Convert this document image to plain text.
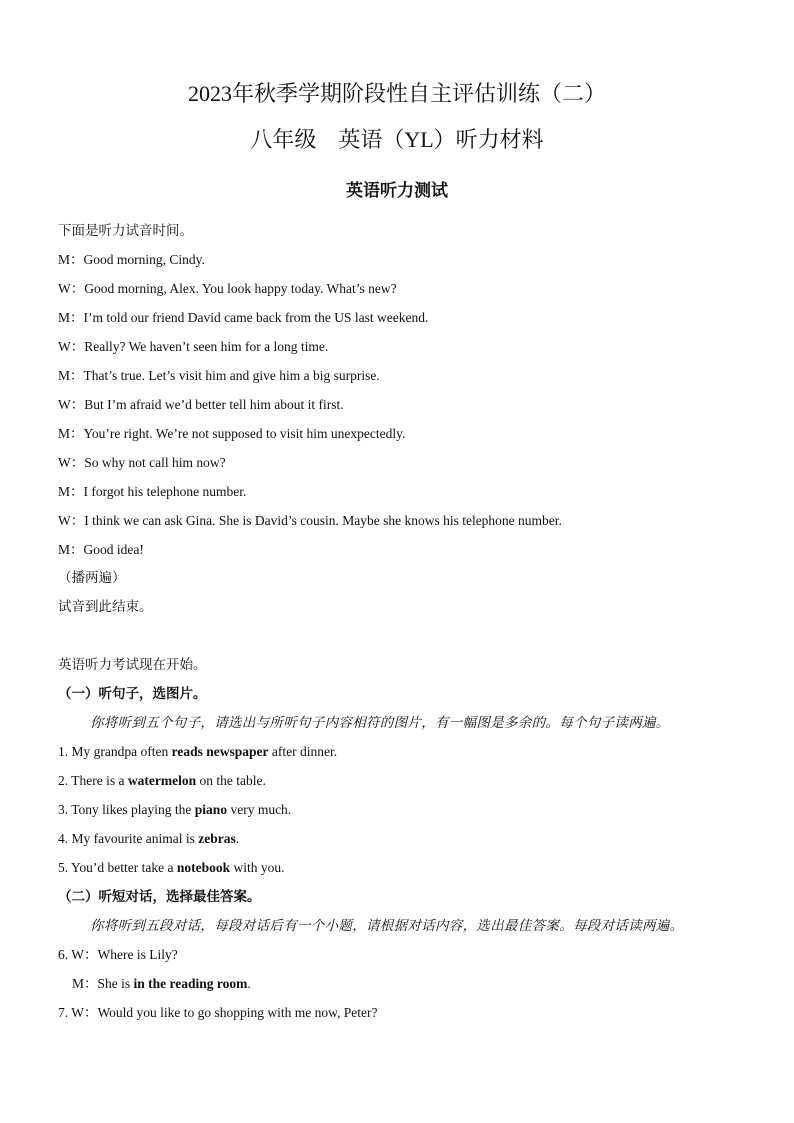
2023年秋季学期阶段性自主评估训练（二）
八年级　英语（YL）听力材料
英语听力测试
下面是听力试音时间。
M：Good morning, Cindy.
W：Good morning, Alex. You look happy today. What’s new?
M：I’m told our friend David came back from the US last weekend.
W：Really? We haven’t seen him for a long time.
M：That’s true. Let’s visit him and give him a big surprise.
W：But I’m afraid we’d better tell him about it first.
M：You’re right. We’re not supposed to visit him unexpectedly.
W：So why not call him now?
M：I forgot his telephone number.
W：I think we can ask Gina. She is David’s cousin. Maybe she knows his telephone number.
M：Good idea!
（播两遍）
试音到此结束。
英语听力考试现在开始。
（一）听句子，选图片。
你将听到五个句子，请选出与所听句子内容相符的图片，有一幅图是多余的。每个句子读两遍。
1. My grandpa often reads newspaper after dinner.
2. There is a watermelon on the table.
3. Tony likes playing the piano very much.
4. My favourite animal is zebras.
5. You’d better take a notebook with you.
（二）听短对话，选择最佳答案。
你将听到五段对话，每段对话后有一个小题，请根据对话内容，选出最佳答案。每段对话读两遍。
6. W：Where is Lily?
M：She is in the reading room.
7. W：Would you like to go shopping with me now, Peter?
